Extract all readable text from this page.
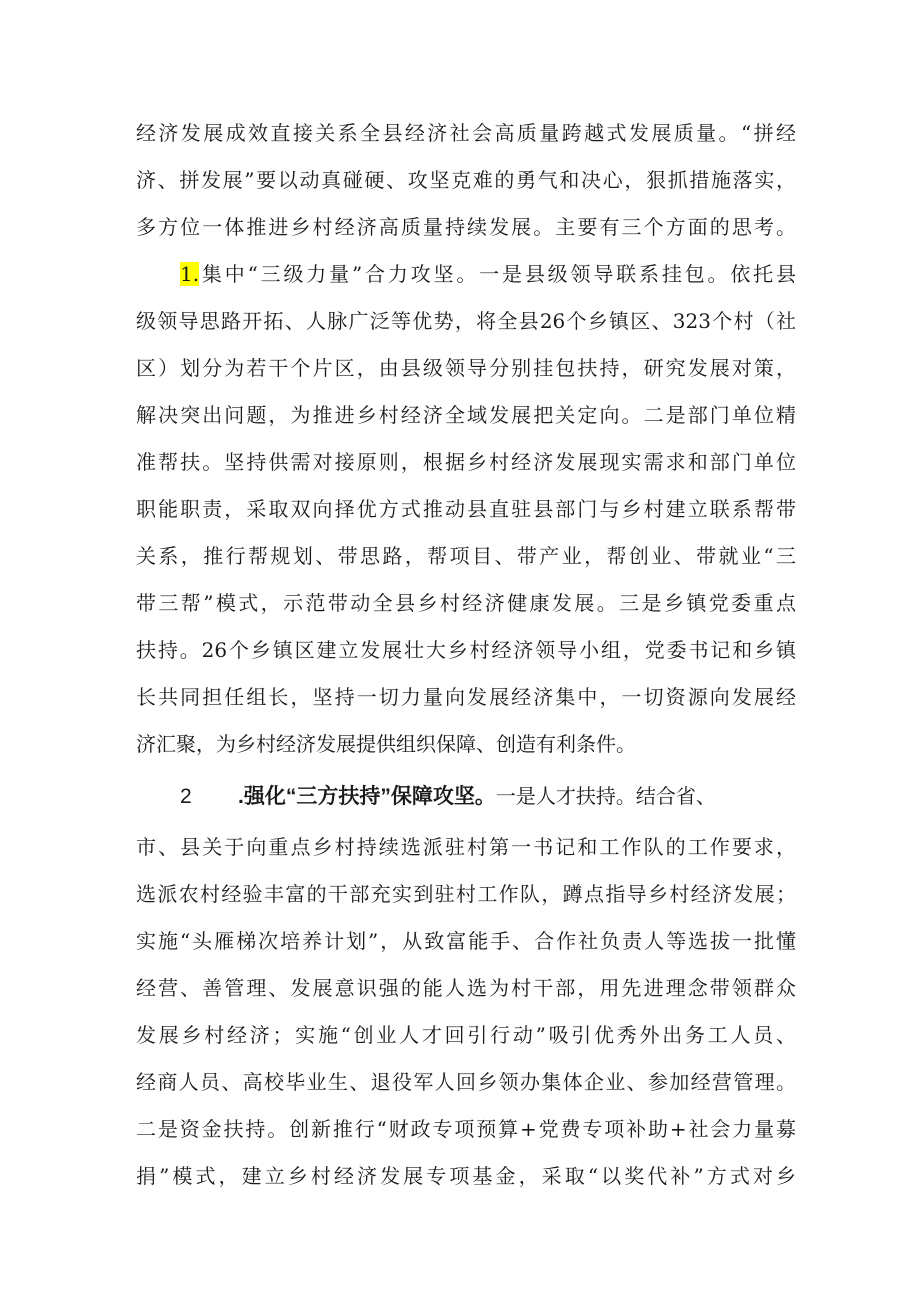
经济发展成效直接关系全县经济社会高质量跨越式发展质量。“拼经
济、拼发展”要以动真碰硬、攻坚克难的勇气和决心，狠抓措施落实，
多方位一体推进乡村经济高质量持续发展。主要有三个方面的思考。
1.集中“三级力量”合力攻坚。一是县级领导联系挂包。依托县
级领导思路开拓、人脉广泛等优势，将全县26个乡镇区、323个村（社
区）划分为若干个片区，由县级领导分别挂包扶持，研究发展对策，
解决突出问题，为推进乡村经济全域发展把关定向。二是部门单位精
准帮扶。坚持供需对接原则，根据乡村经济发展现实需求和部门单位
职能职责，采取双向择优方式推动县直驻县部门与乡村建立联系帮带
关系，推行帮规划、带思路，帮项目、带产业，帮创业、带就业“三
带三帮”模式，示范带动全县乡村经济健康发展。三是乡镇党委重点
扶持。26个乡镇区建立发展壮大乡村经济领导小组，党委书记和乡镇
长共同担任组长，坚持一切力量向发展经济集中，一切资源向发展经
济汇聚，为乡村经济发展提供组织保障、创造有利条件。
2 .强化“三方扶持”保障攻坚。一是人才扶持。结合省、
市、县关于向重点乡村持续选派驻村第一书记和工作队的工作要求，
选派农村经验丰富的干部充实到驻村工作队，蹲点指导乡村经济发展；
实施“头雁梯次培养计划”，从致富能手、合作社负责人等选拔一批懂
经营、善管理、发展意识强的能人选为村干部，用先进理念带领群众
发展乡村经济；实施“创业人才回引行动”吸引优秀外出务工人员、
经商人员、高校毕业生、退役军人回乡领办集体企业、参加经营管理。
二是资金扶持。创新推行“财政专项预算+党费专项补助+社会力量募
捐”模式，建立乡村经济发展专项基金，采取“以奖代补”方式对乡
